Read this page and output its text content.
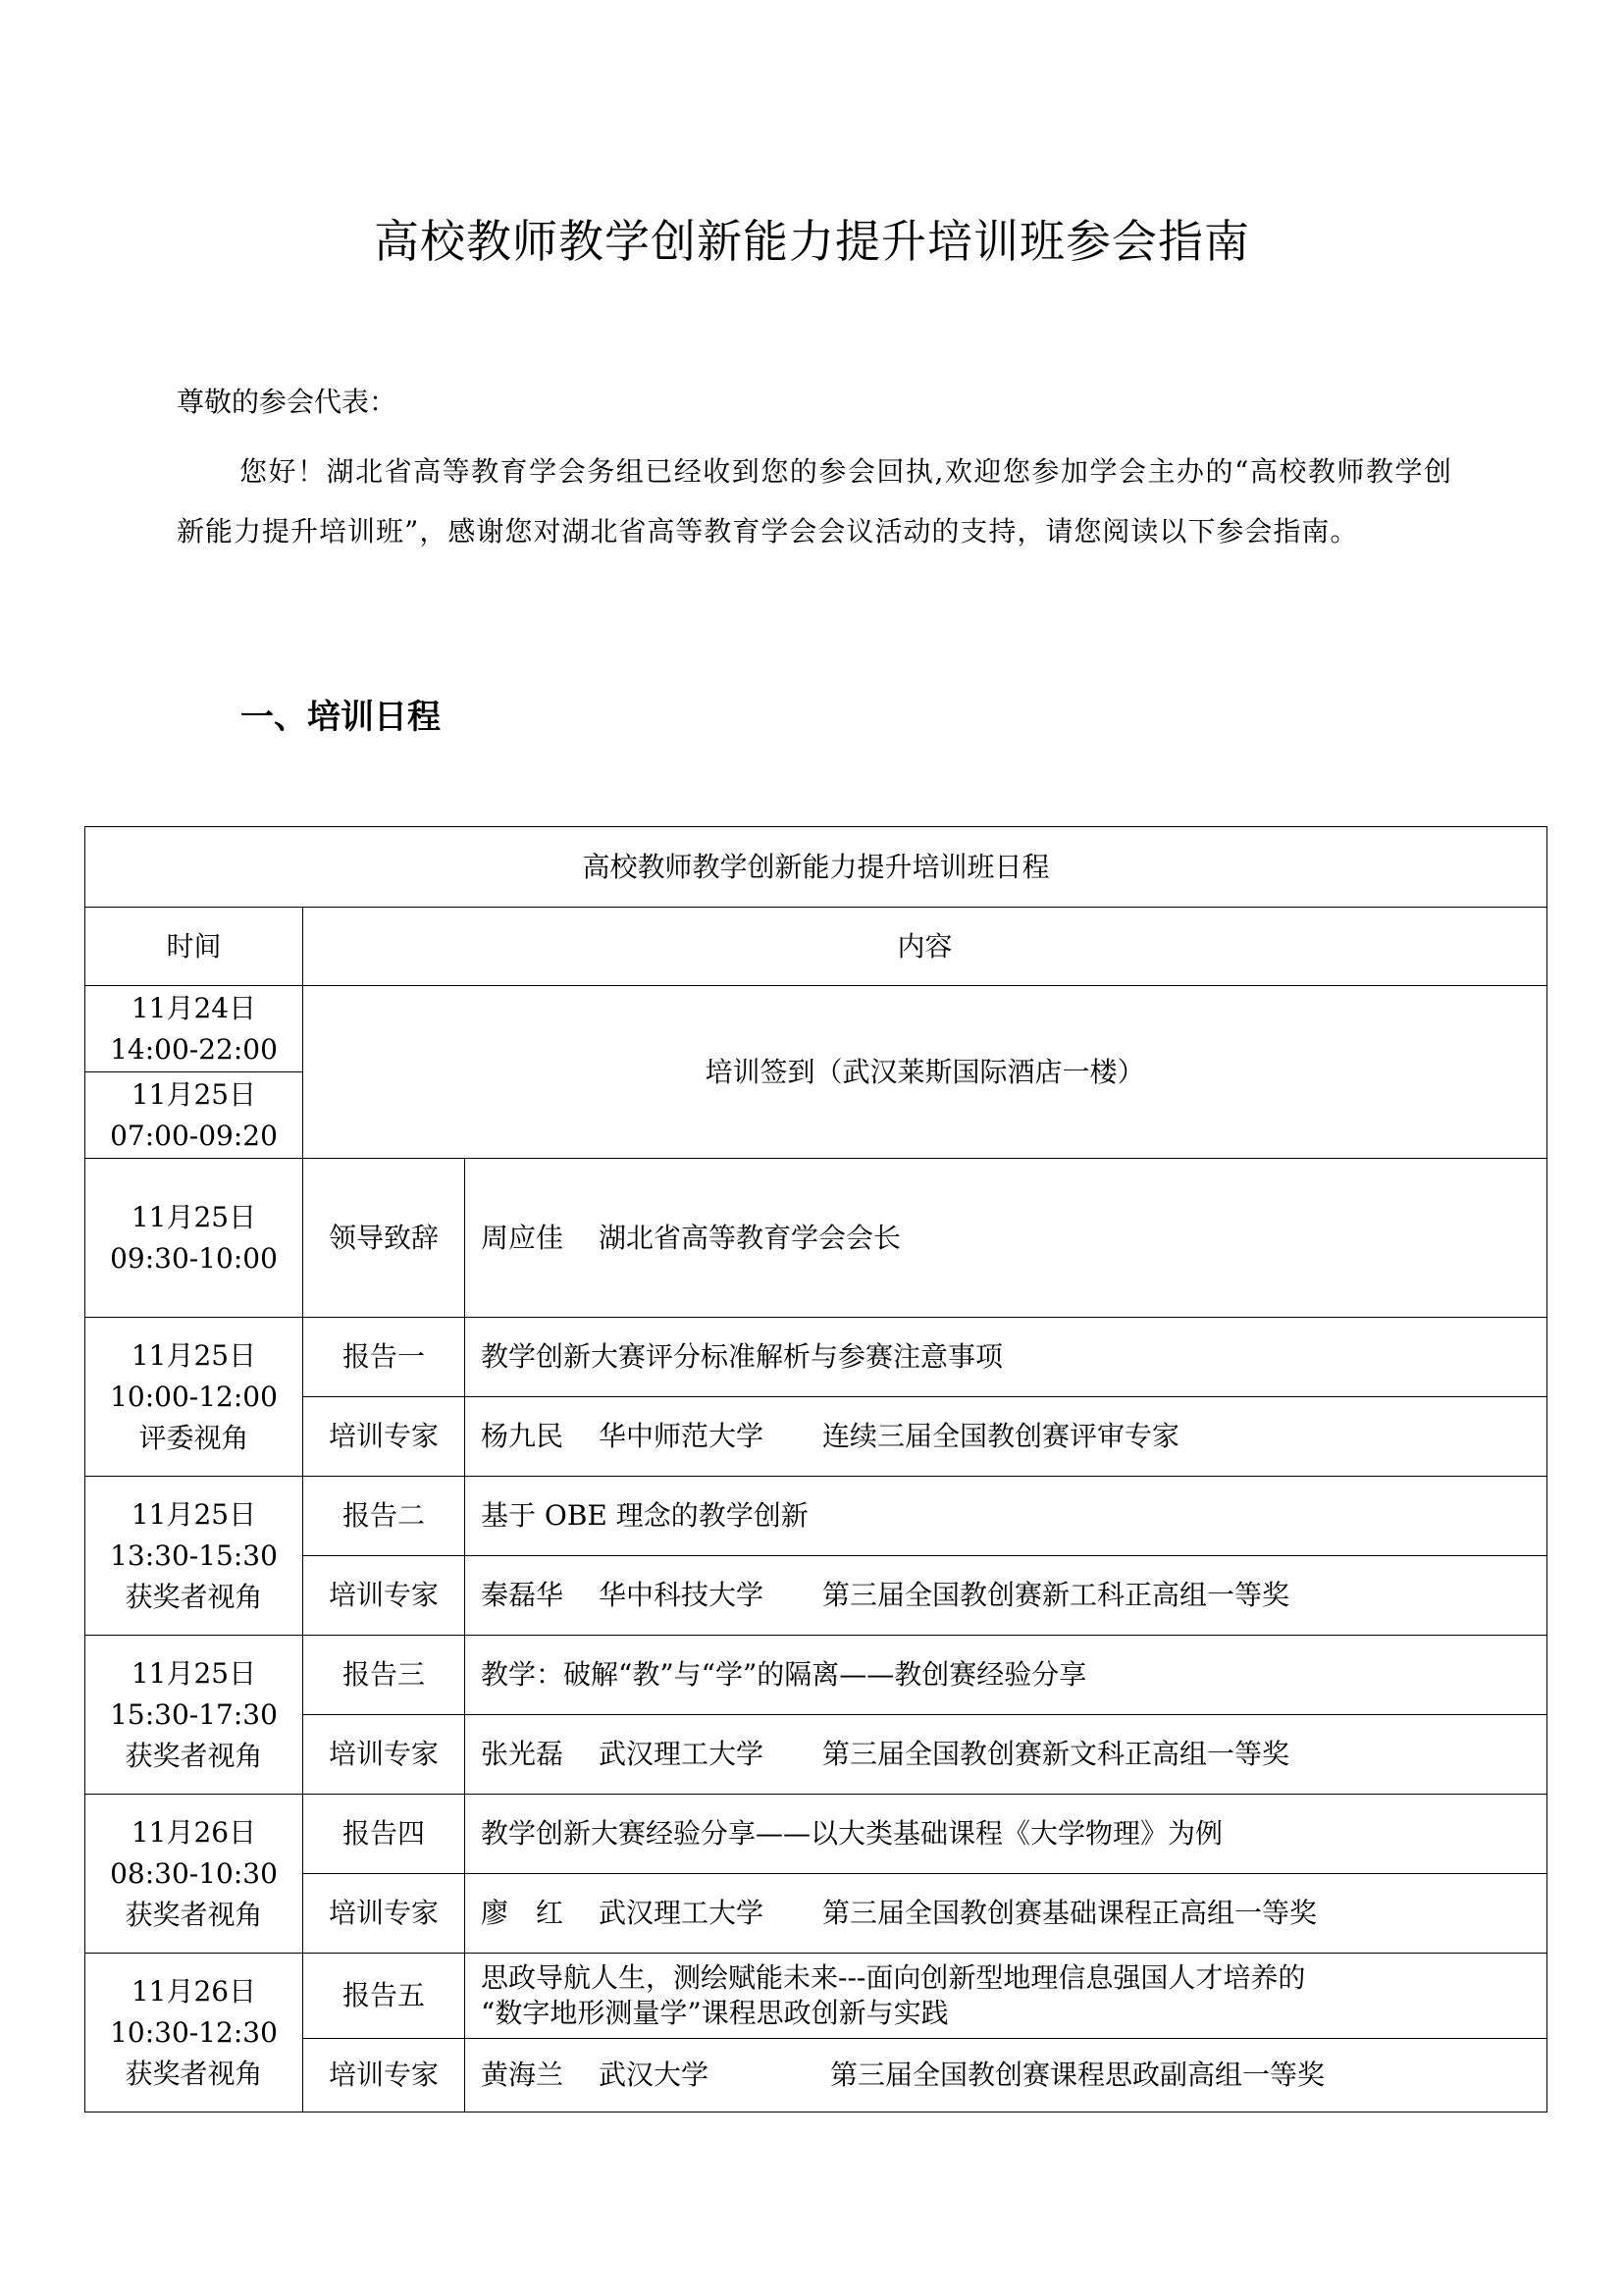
高校教师教学创新能力提升培训班参会指南
尊敬的参会代表：
您好！湖北省高等教育学会务组已经收到您的参会回执,欢迎您参加学会主办的“高校教师教学创新能力提升培训班”，感谢您对湖北省高等教育学会会议活动的支持，请您阅读以下参会指南。
一、培训日程
高校教师教学创新能力提升培训班日程		
时间	内容	

11月24日
14:00-22:00	培训签到（武汉莱斯国际酒店一楼）	

11月25日
07:00-09:20		

11月25日
09:30-10:00	领导致辞	周应佳 湖北省高等教育学会会长

11月25日
10:00-12:00
评委视角	报告一	教学创新大赛评分标准解析与参赛注意事项
	培训专家	杨九民 华中师范大学 连续三届全国教创赛评审专家

11月25日
13:30-15:30
获奖者视角	报告二	基于 OBE 理念的教学创新
	培训专家	秦磊华 华中科技大学 第三届全国教创赛新工科正高组一等奖

11月25日
15:30-17:30
获奖者视角	报告三	教学：破解“教”与“学”的隔离——教创赛经验分享
	培训专家	张光磊 武汉理工大学 第三届全国教创赛新文科正高组一等奖

11月26日
08:30-10:30
获奖者视角	报告四	教学创新大赛经验分享——以大类基础课程《大学物理》为例
	培训专家	廖　红 武汉理工大学 第三届全国教创赛基础课程正高组一等奖

11月26日
10:30-12:30
获奖者视角	报告五	思政导航人生，测绘赋能未来---面向创新型地理信息强国人才培养的
“数字地形测量学”课程思政创新与实践

	培训专家	黄海兰 武汉大学 第三届全国教创赛课程思政副高组一等奖
